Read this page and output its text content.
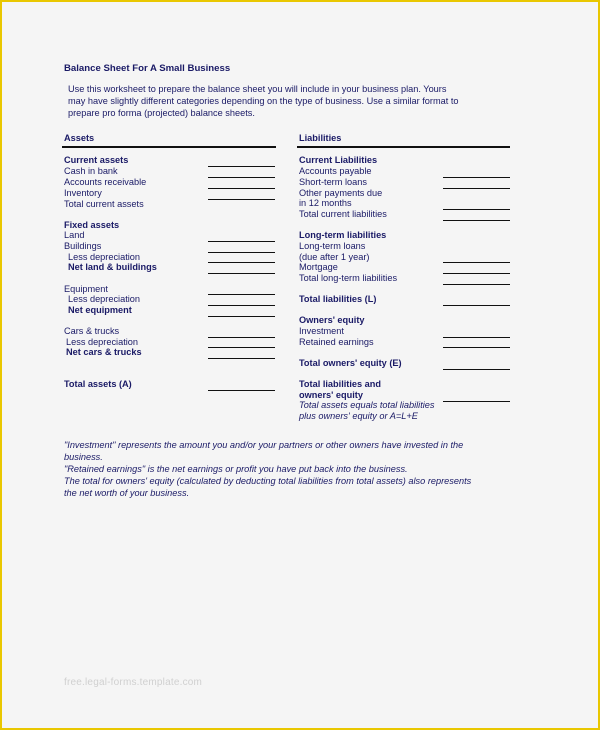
Balance Sheet For A Small Business
Use this worksheet to prepare the balance sheet you will include in your business plan. Yours
may have slightly different categories depending on the type of business. Use a similar format to
prepare pro forma (projected) balance sheets.
Assets
Current assets
Cash in bank
Accounts receivable
Inventory
Total current assets
Fixed assets
Land
Buildings
Less depreciation
Net land & buildings
Equipment
Less depreciation
Net equipment
Cars & trucks
Less depreciation
Net cars & trucks
Total assets (A)
Liabilities
Current Liabilities
Accounts payable
Short-term loans
Other payments due
in 12 months
Total current liabilities
Long-term liabilities
Long-term loans
(due after 1 year)
Mortgage
Total long-term liabilities
Total liabilities (L)
Owners' equity
Investment
Retained earnings
Total owners' equity (E)
Total liabilities and
owners' equity
Total assets equals total liabilities
plus owners' equity or A=L+E
"Investment" represents the amount you and/or your partners or other owners have invested in the
business.
"Retained earnings" is the net earnings or profit you have put back into the business.
The total for owners' equity (calculated by deducting total liabilities from total assets) also represents
the net worth of your business.
free.legal-forms.template.com
